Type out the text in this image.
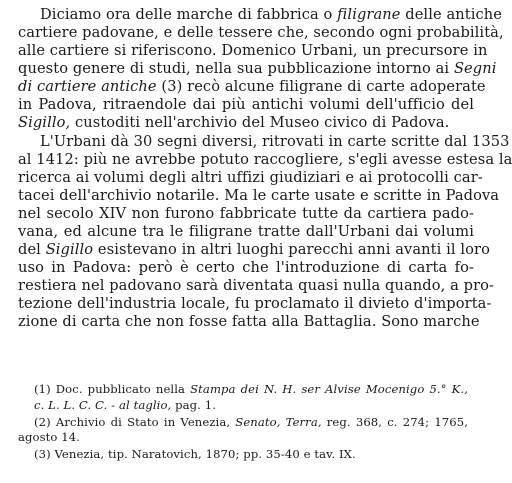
Diciamo ora delle marche di fabbrica o filigrane delle antiche
cartiere padovane, e delle tessere che, secondo ogni probabilità,
alle cartiere si riferiscono. Domenico Urbani, un precursore in
questo genere di studi, nella sua pubblicazione intorno ai Segni
di cartiere antiche (3) recò alcune filigrane di carte adoperate
in Padova, ritraendole dai più antichi volumi dell'ufficio del
Sigillo, custoditi nell'archivio del Museo civico di Padova.
L'Urbani dà 30 segni diversi, ritrovati in carte scritte dal 1353
al 1412: più ne avrebbe potuto raccogliere, s'egli avesse estesa la
ricerca ai volumi degli altri uffizi giudiziari e ai protocolli car-
tacei dell'archivio notarile. Ma le carte usate e scritte in Padova
nel secolo XIV non furono fabbricate tutte da cartiera pado-
vana, ed alcune tra le filigrane tratte dall'Urbani dai volumi
del Sigillo esistevano in altri luoghi parecchi anni avanti il loro
uso in Padova: però è certo che l'introduzione di carta fo-
restiera nel padovano sarà diventata quasi nulla quando, a pro-
tezione dell'industria locale, fu proclamato il divieto d'importa-
zione di carta che non fosse fatta alla Battaglia. Sono marche
(1) Doc. pubblicato nella Stampa dei N. H. ser Alvise Mocenigo 5.° K.,
c. L. L. C. C. - al taglio, pag. 1.
(2) Archivio di Stato in Venezia, Senato, Terra, reg. 368, c. 274; 1765,
agosto 14.
(3) Venezia, tip. Naratovich, 1870; pp. 35-40 e tav. IX.
